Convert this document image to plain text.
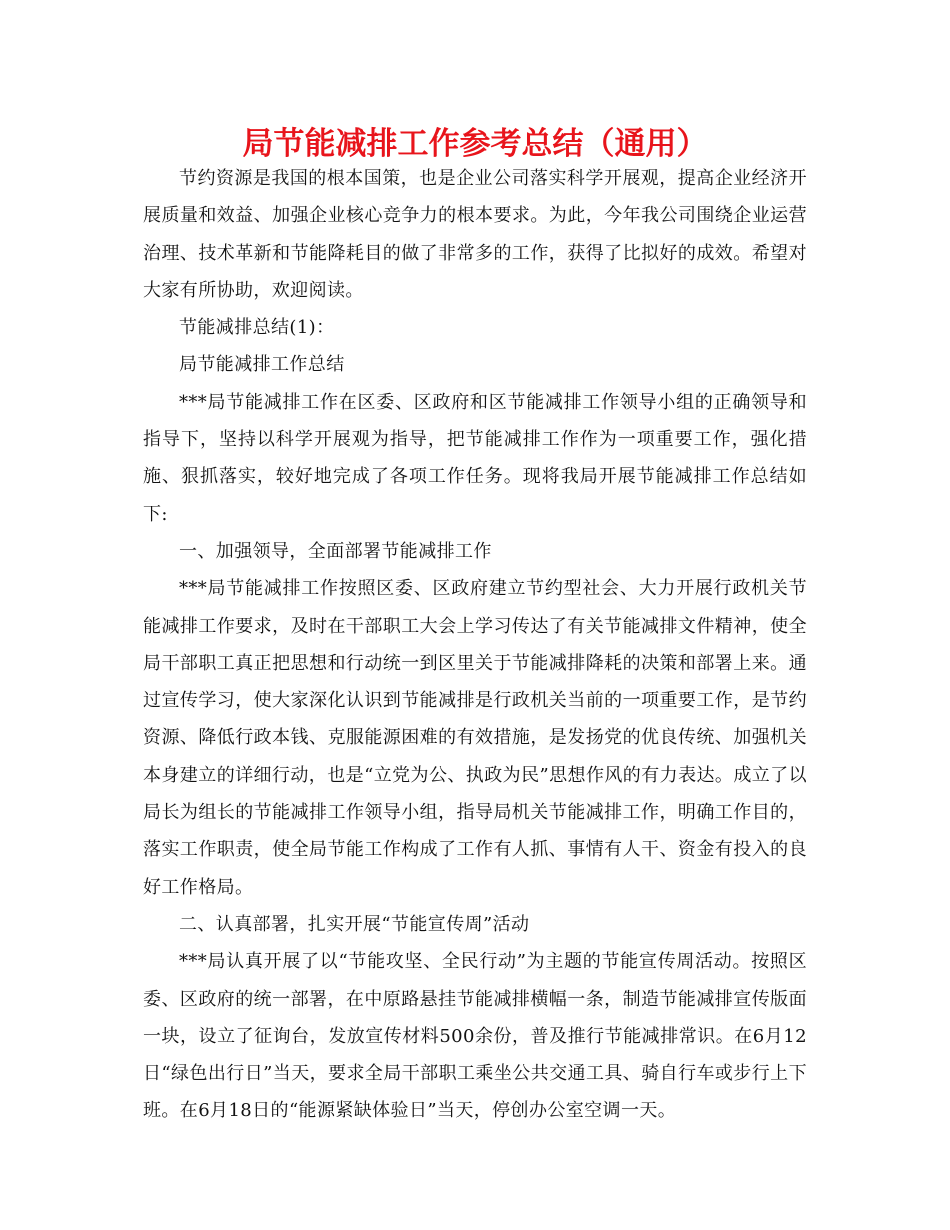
局节能减排工作参考总结（通用）

节约资源是我国的根本国策，也是企业公司落实科学开展观，提高企业经济开展质量和效益、加强企业核心竞争力的根本要求。为此，今年我公司围绕企业运营治理、技术革新和节能降耗目的做了非常多的工作，获得了比拟好的成效。希望对大家有所协助，欢迎阅读。

节能减排总结(1)：

局节能减排工作总结

***局节能减排工作在区委、区政府和区节能减排工作领导小组的正确领导和指导下，坚持以科学开展观为指导，把节能减排工作作为一项重要工作，强化措施、狠抓落实，较好地完成了各项工作任务。现将我局开展节能减排工作总结如下:

一、加强领导，全面部署节能减排工作

***局节能减排工作按照区委、区政府建立节约型社会、大力开展行政机关节能减排工作要求，及时在干部职工大会上学习传达了有关节能减排文件精神，使全局干部职工真正把思想和行动统一到区里关于节能减排降耗的决策和部署上来。通过宣传学习，使大家深化认识到节能减排是行政机关当前的一项重要工作，是节约资源、降低行政本钱、克服能源困难的有效措施，是发扬党的优良传统、加强机关本身建立的详细行动，也是“立党为公、执政为民”思想作风的有力表达。成立了以局长为组长的节能减排工作领导小组，指导局机关节能减排工作，明确工作目的，落实工作职责，使全局节能工作构成了工作有人抓、事情有人干、资金有投入的良好工作格局。

二、认真部署，扎实开展“节能宣传周”活动

***局认真开展了以“节能攻坚、全民行动”为主题的节能宣传周活动。按照区委、区政府的统一部署，在中原路悬挂节能减排横幅一条，制造节能减排宣传版面一块，设立了征询台，发放宣传材料500余份，普及推行节能减排常识。在6月12日“绿色出行日”当天，要求全局干部职工乘坐公共交通工具、骑自行车或步行上下班。在6月18日的“能源紧缺体验日”当天，停创办公室空调一天。
